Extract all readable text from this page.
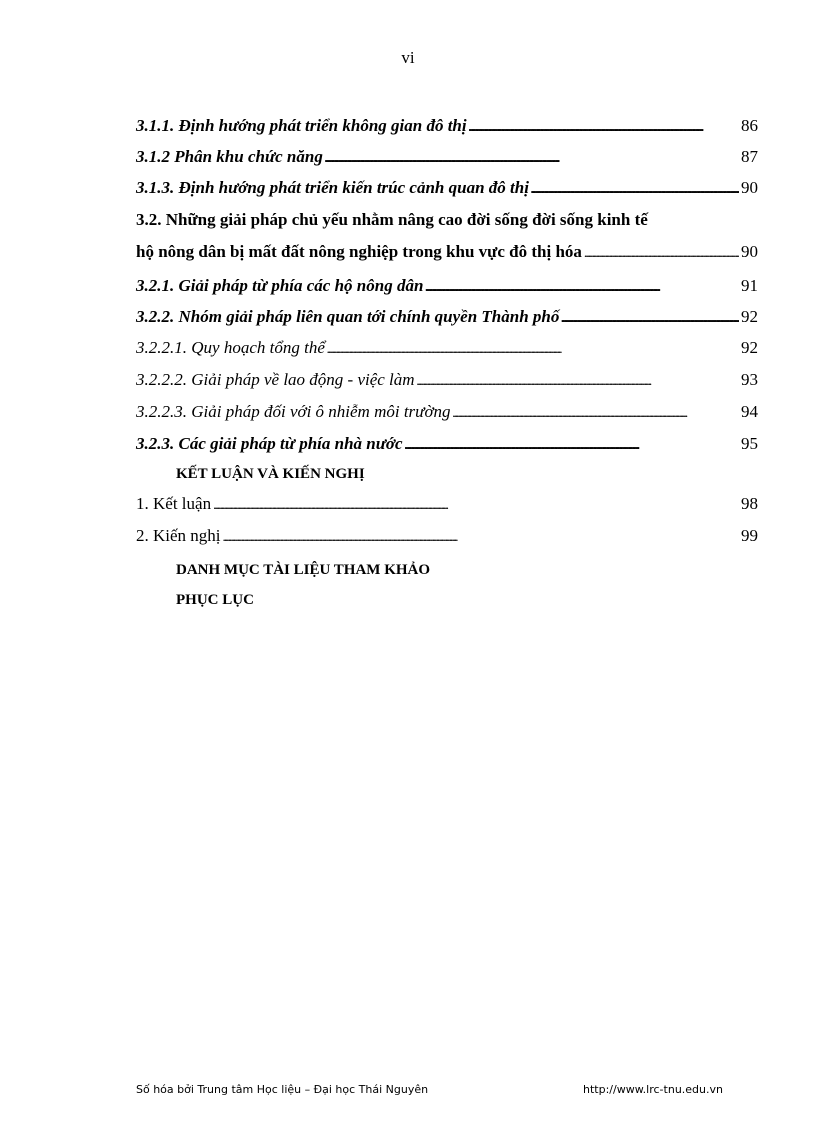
vi
3.1.1. Định hướng phát triển không gian đô thị . . .	86
3.1.2 Phân khu chức năng . . .	87
3.1.3. Định hướng phát triển kiến trúc cảnh quan đô thị . . .	90
3.2. Những giải pháp chủ yếu nhằm nâng cao đời sống đời sống kinh tế
hộ nông dân bị mất đất nông nghiệp trong khu vực đô thị hóa . . .	90
3.2.1. Giải pháp từ phía các hộ nông dân . . .	91
3.2.2. Nhóm giải pháp liên quan tới chính quyền Thành phố . . .	92
3.2.2.1. Quy hoạch tổng thể . . .	92
3.2.2.2. Giải pháp về lao động - việc làm . . .	93
3.2.2.3. Giải pháp đối với ô nhiễm môi trường . . .	94
3.2.3. Các giải pháp từ phía nhà nước . . .	95
KẾT LUẬN VÀ KIẾN NGHỊ
1. Kết luận . . .	98
2. Kiến nghị . . .	99
DANH MỤC TÀI LIỆU THAM KHẢO
PHỤC LỤC
Số hóa bởi Trung tâm Học liệu – Đại học Thái Nguyên	http://www.lrc-tnu.edu.vn
